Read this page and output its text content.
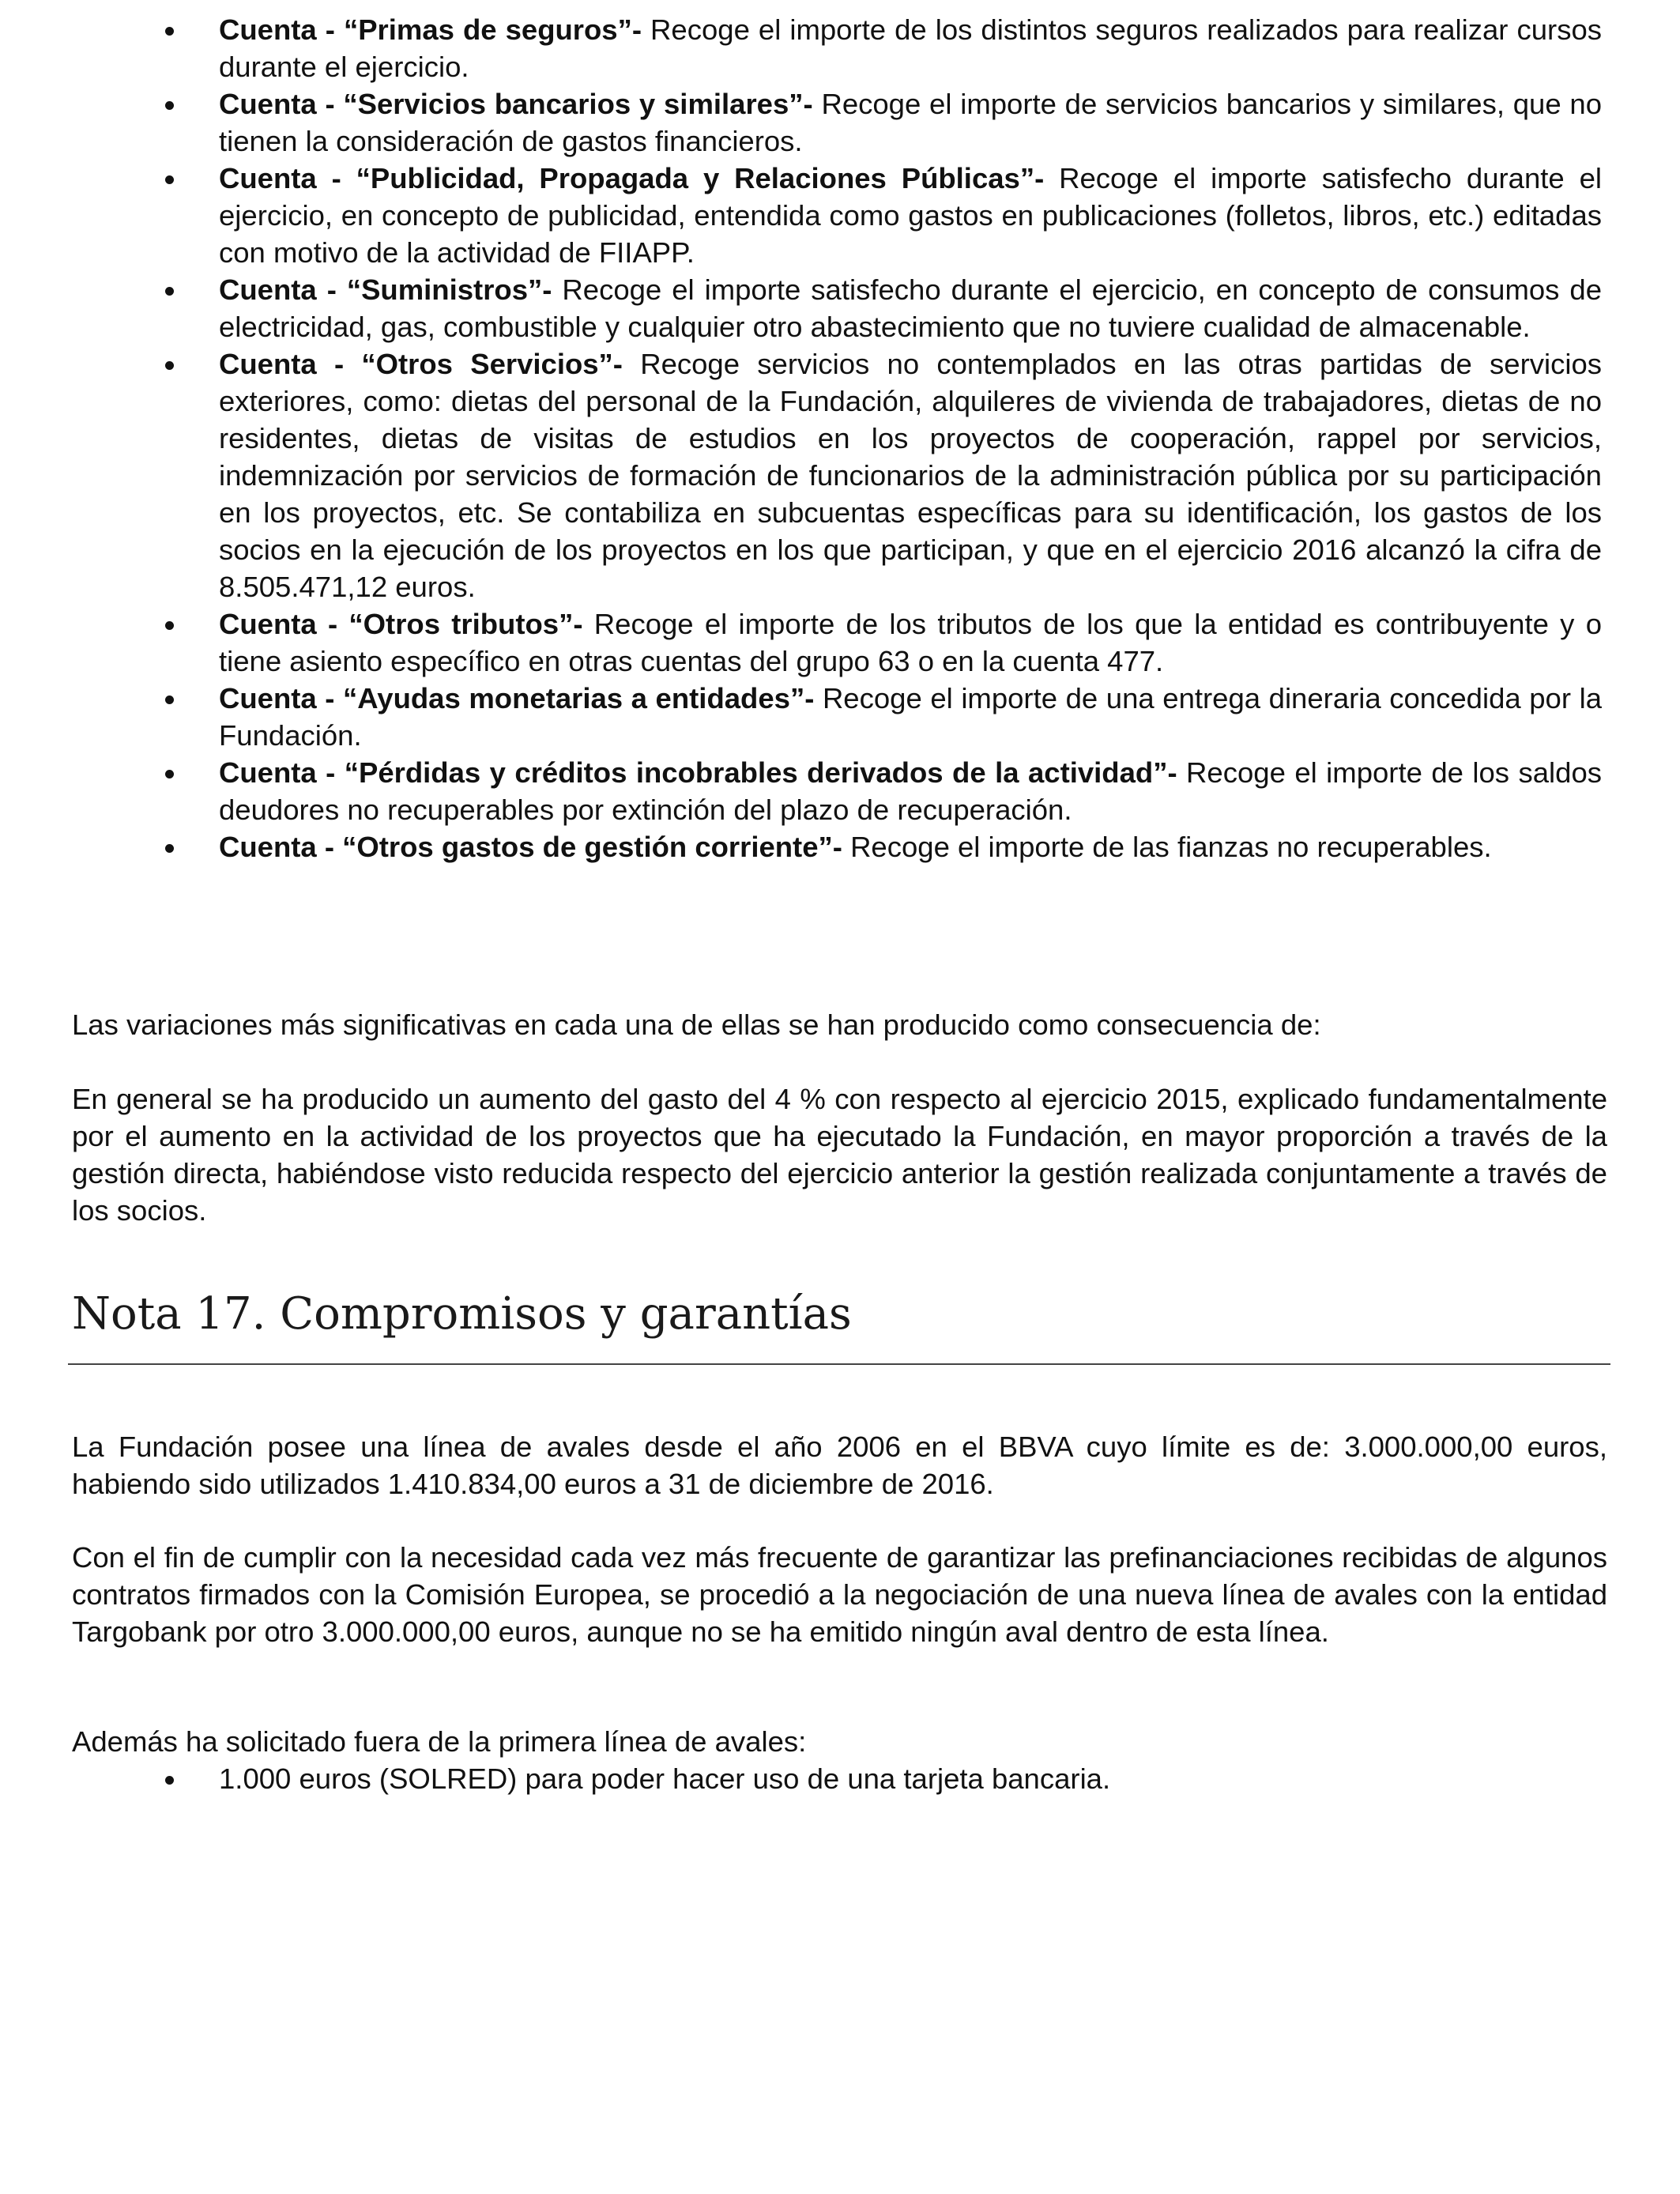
Cuenta - “Primas de seguros”- Recoge el importe de los distintos seguros realizados para realizar cursos durante el ejercicio.
Cuenta - “Servicios bancarios y similares”- Recoge el importe de servicios bancarios y similares, que no tienen la consideración de gastos financieros.
Cuenta - “Publicidad, Propagada y Relaciones Públicas”- Recoge el importe satisfecho durante el ejercicio, en concepto de publicidad, entendida como gastos en publicaciones (folletos, libros, etc.) editadas con motivo de la actividad de FIIAPP.
Cuenta - “Suministros”- Recoge el importe satisfecho durante el ejercicio, en concepto de consumos de electricidad, gas, combustible y cualquier otro abastecimiento que no tuviere cualidad de almacenable.
Cuenta - “Otros Servicios”- Recoge servicios no contemplados en las otras partidas de servicios exteriores, como: dietas del personal de la Fundación, alquileres de vivienda de trabajadores, dietas de no residentes, dietas de visitas de estudios en los proyectos de cooperación, rappel por servicios, indemnización por servicios de formación de funcionarios de la administración pública por su participación en los proyectos, etc. Se contabiliza en subcuentas específicas para su identificación, los gastos de los socios en la ejecución de los proyectos en los que participan, y que en el ejercicio 2016 alcanzó la cifra de 8.505.471,12 euros.
Cuenta - “Otros tributos”- Recoge el importe de los tributos de los que la entidad es contribuyente y o tiene asiento específico en otras cuentas del grupo 63 o en la cuenta 477.
Cuenta - “Ayudas monetarias a entidades”- Recoge el importe de una entrega dineraria concedida por la Fundación.
Cuenta - “Pérdidas y créditos incobrables derivados de la actividad”- Recoge el importe de los saldos deudores no recuperables por extinción del plazo de recuperación.
Cuenta - “Otros gastos de gestión corriente”- Recoge el importe de las fianzas no recuperables.

Las variaciones más significativas en cada una de ellas se han producido como consecuencia de:

En general se ha producido un aumento del gasto del 4 % con respecto al ejercicio 2015, explicado fundamentalmente por el aumento en la actividad de los proyectos que ha ejecutado la Fundación, en mayor proporción a través de la gestión directa, habiéndose visto reducida respecto del ejercicio anterior la gestión realizada conjuntamente a través de los socios.

Nota 17. Compromisos y garantías

La Fundación posee una línea de avales desde el año 2006 en el BBVA cuyo límite es de: 3.000.000,00 euros, habiendo sido utilizados 1.410.834,00 euros a 31 de diciembre de 2016.

Con el fin de cumplir con la necesidad cada vez más frecuente de garantizar las prefinanciaciones recibidas de algunos contratos firmados con la Comisión Europea, se procedió a la negociación de una nueva línea de avales con la entidad Targobank por otro 3.000.000,00 euros, aunque no se ha emitido ningún aval dentro de esta línea.

Además ha solicitado fuera de la primera línea de avales:

1.000 euros (SOLRED) para poder hacer uso de una tarjeta bancaria.
